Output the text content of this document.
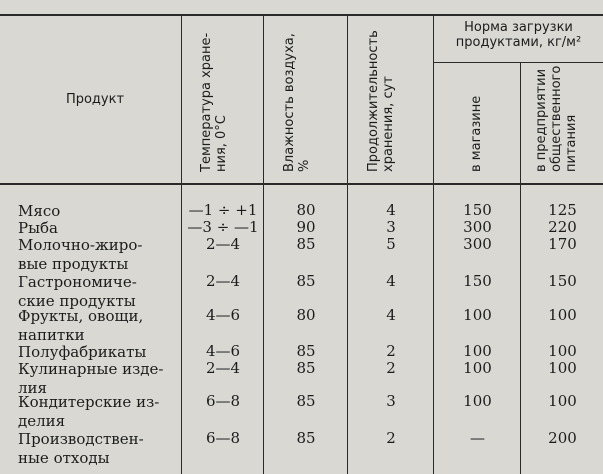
Продукт	Температура хране-
ния, 0°С	Влажность воздуха,
%	Продолжительность
хранения, сут
Норма загрузки
продуктами, кг/м²
в магазине	в предприятии
общественного
питания
Мясо	—1 ÷ +1	80	4	150	125
Рыба	—3 ÷ —1	90	3	300	220
Молочно-жиро-
вые продукты
2—4	85	5	300	170
Гастрономиче-
ские продукты
2—4	85	4	150	150
Фрукты, овощи,
напитки
4—6	80	4	100	100
Полуфабрикаты	4—6	85	2	100	100
Кулинарные изде-
лия
2—4	85	2	100	100
Кондитерские из-
делия
6—8	85	3	100	100
Производствен-
ные отходы
6—8	85	2	—	200
